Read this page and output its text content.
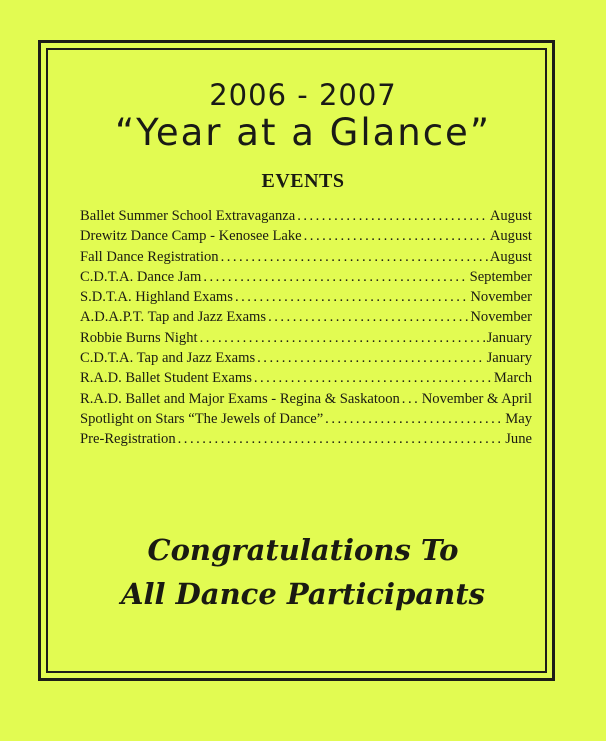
2006 - 2007
“Year at a Glance”
EVENTS
Ballet Summer School Extravaganza .....	August
Drewitz Dance Camp - Kenosee Lake .....	August
Fall Dance Registration .....	August
C.D.T.A. Dance Jam .....	September
S.D.T.A. Highland Exams .....	November
A.D.A.P.T. Tap and Jazz Exams .....	November
Robbie Burns Night .....	January
C.D.T.A. Tap and Jazz Exams .....	January
R.A.D. Ballet Student Exams .....	March
R.A.D. Ballet and Major Exams - Regina & Saskatoon ..... November & April
Spotlight on Stars “The Jewels of Dance” .....	May
Pre-Registration .....	June
Congratulations To
All Dance Participants
